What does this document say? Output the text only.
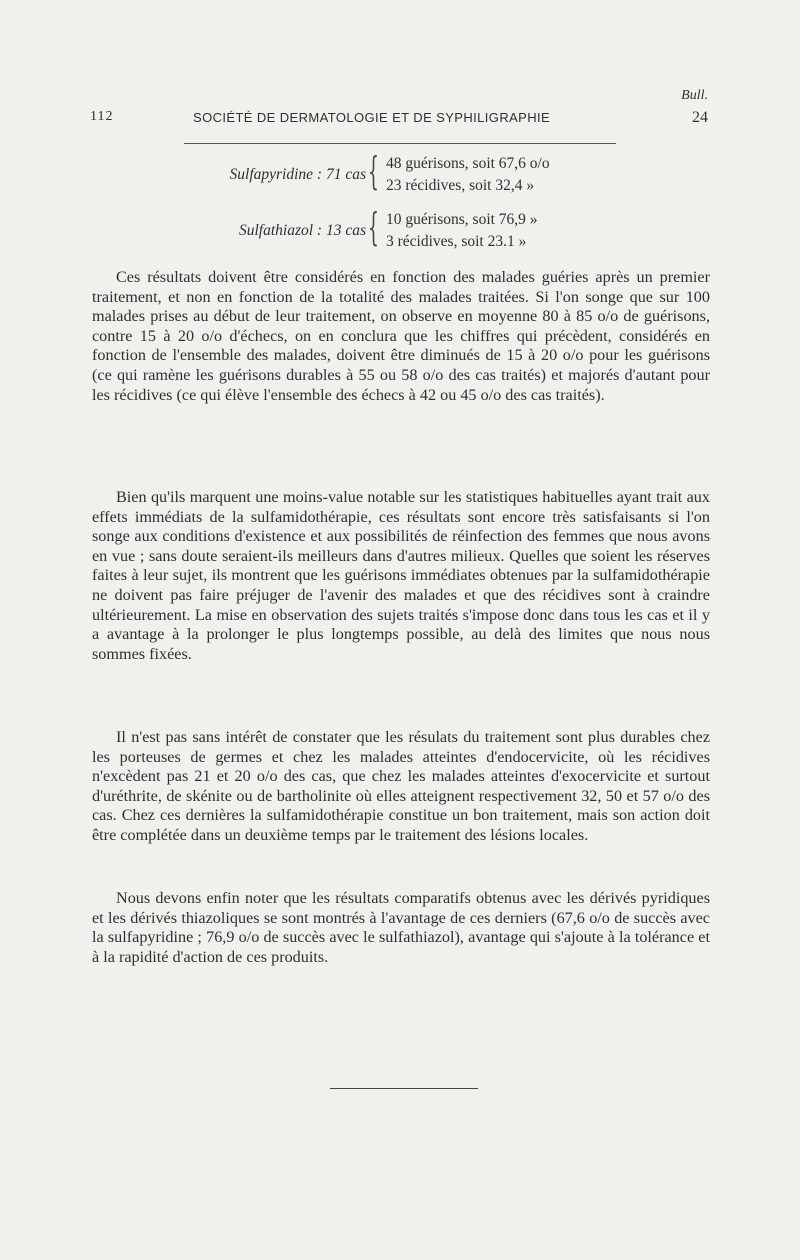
Bull.
112	SOCIÉTÉ DE DERMATOLOGIE ET DE SYPHILIGRAPHIE	24
Sulfapyridine : 71 cas { 48 guérisons, soit 67,6 o/o
23 récidives, soit 32,4 »
Sulfathiazol : 13 cas { 10 guérisons, soit 76,9 »
3 récidives, soit 23.1 »

Ces résultats doivent être considérés en fonction des malades guéries après un premier traitement, et non en fonction de la totalité des malades traitées. Si l'on songe que sur 100 malades prises au début de leur traitement, on observe en moyenne 80 à 85 o/o de guérisons, contre 15 à 20 o/o d'échecs, on en conclura que les chiffres qui précèdent, considérés en fonction de l'ensemble des malades, doivent être diminués de 15 à 20 o/o pour les guérisons (ce qui ramène les guérisons durables à 55 ou 58 o/o des cas traités) et majorés d'autant pour les récidives (ce qui élève l'ensemble des échecs à 42 ou 45 o/o des cas traités).

Bien qu'ils marquent une moins-value notable sur les statistiques habituelles ayant trait aux effets immédiats de la sulfamidothérapie, ces résultats sont encore très satisfaisants si l'on songe aux conditions d'existence et aux possibilités de réinfection des femmes que nous avons en vue ; sans doute seraient-ils meilleurs dans d'autres milieux. Quelles que soient les réserves faites à leur sujet, ils montrent que les guérisons immédiates obtenues par la sulfamidothérapie ne doivent pas faire préjuger de l'avenir des malades et que des récidives sont à craindre ultérieurement. La mise en observation des sujets traités s'impose donc dans tous les cas et il y a avantage à la prolonger le plus longtemps possible, au delà des limites que nous nous sommes fixées.

Il n'est pas sans intérêt de constater que les résulats du traitement sont plus durables chez les porteuses de germes et chez les malades atteintes d'endocervicite, où les récidives n'excèdent pas 21 et 20 o/o des cas, que chez les malades atteintes d'exocervicite et surtout d'uréthrite, de skénite ou de bartholinite où elles atteignent respectivement 32, 50 et 57 o/o des cas. Chez ces dernières la sulfamidothérapie constitue un bon traitement, mais son action doit être complétée dans un deuxième temps par le traitement des lésions locales.

Nous devons enfin noter que les résultats comparatifs obtenus avec les dérivés pyridiques et les dérivés thiazoliques se sont montrés à l'avantage de ces derniers (67,6 o/o de succès avec la sulfapyridine ; 76,9 o/o de succès avec le sulfathiazol), avantage qui s'ajoute à la tolérance et à la rapidité d'action de ces produits.
